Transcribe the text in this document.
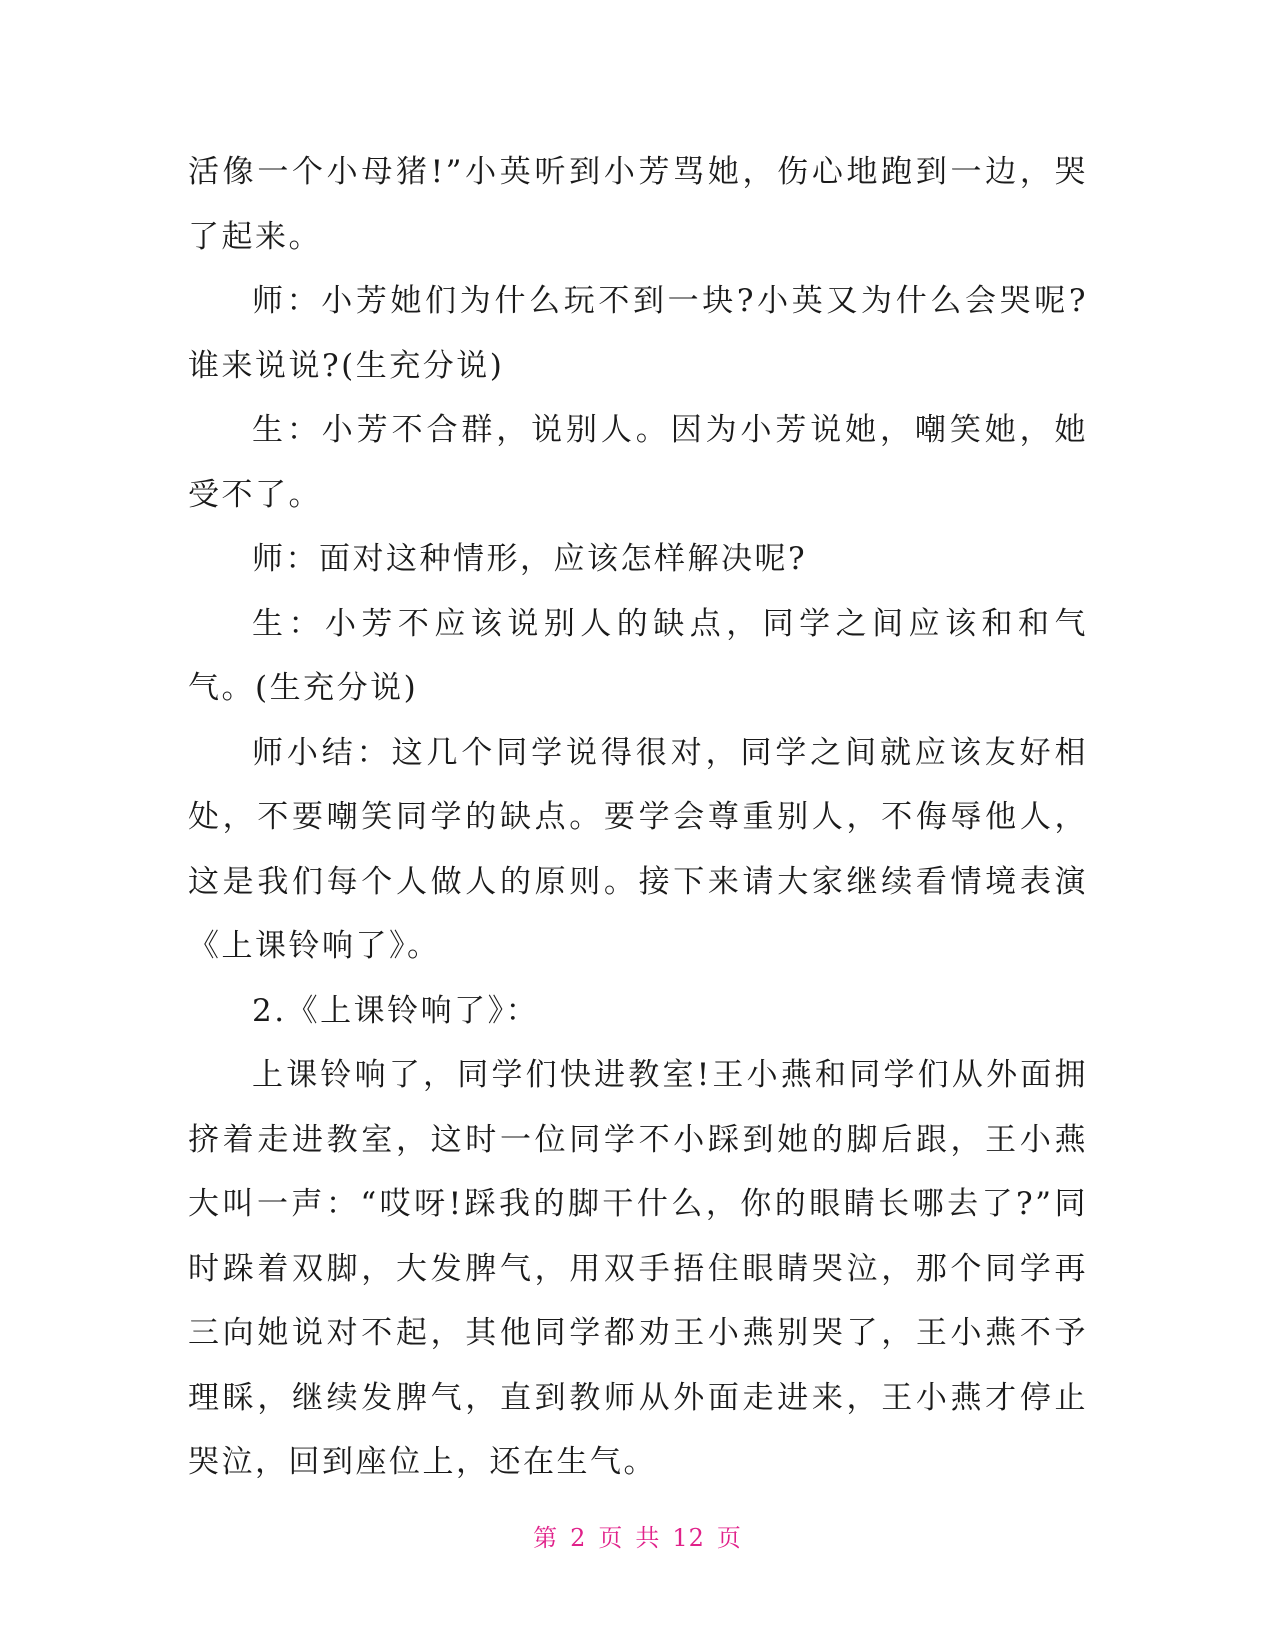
活像一个小母猪!”小英听到小芳骂她，伤心地跑到一边，哭了起来。

师：小芳她们为什么玩不到一块?小英又为什么会哭呢?谁来说说?(生充分说)

生：小芳不合群，说别人。因为小芳说她，嘲笑她，她受不了。

师：面对这种情形，应该怎样解决呢?

生：小芳不应该说别人的缺点，同学之间应该和和气气。(生充分说)

师小结：这几个同学说得很对，同学之间就应该友好相处，不要嘲笑同学的缺点。要学会尊重别人，不侮辱他人，这是我们每个人做人的原则。接下来请大家继续看情境表演《上课铃响了》。

2.《上课铃响了》：

上课铃响了，同学们快进教室!王小燕和同学们从外面拥挤着走进教室，这时一位同学不小踩到她的脚后跟，王小燕大叫一声：“哎呀!踩我的脚干什么，你的眼睛长哪去了?”同时跺着双脚，大发脾气，用双手捂住眼睛哭泣，那个同学再三向她说对不起，其他同学都劝王小燕别哭了，王小燕不予理睬，继续发脾气，直到教师从外面走进来，王小燕才停止哭泣，回到座位上，还在生气。

第 2 页 共 12 页
